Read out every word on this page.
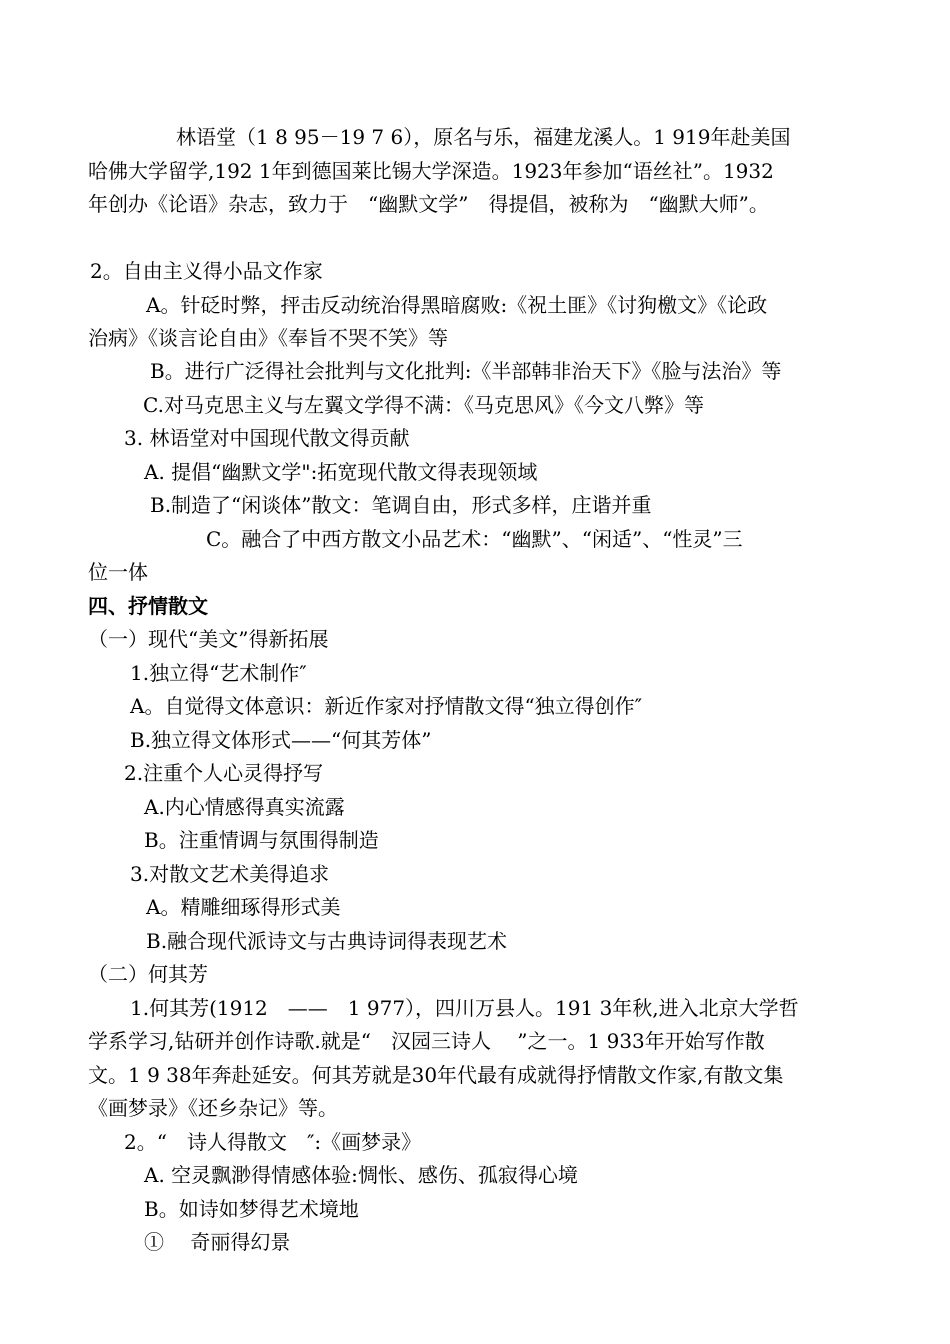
林语堂（1 8 95－19 7 6），原名与乐，福建龙溪人。1 919年赴美国
哈佛大学留学,192 1年到德国莱比锡大学深造。1923年参加“语丝社”。1932
年创办《论语》杂志，致力于　“幽默文学”　得提倡，被称为　“幽默大师”。
2。自由主义得小品文作家
A。针砭时弊，抨击反动统治得黑暗腐败:《祝土匪》《讨狗檄文》《论政
治病》《谈言论自由》《奉旨不哭不笑》等
B。进行广泛得社会批判与文化批判:《半部韩非治天下》《脸与法治》等
C.对马克思主义与左翼文学得不满：《马克思风》《今文八弊》等
3. 林语堂对中国现代散文得贡献
A. 提倡“幽默文学":拓宽现代散文得表现领域
B.制造了“闲谈体”散文：笔调自由，形式多样，庄谐并重
C。融合了中西方散文小品艺术：“幽默”、“闲适”、“性灵”三
位一体
四、抒情散文
（一）现代“美文”得新拓展
1.独立得“艺术制作″
A。自觉得文体意识：新近作家对抒情散文得“独立得创作″
B.独立得文体形式——“何其芳体”
2.注重个人心灵得抒写
A.内心情感得真实流露
B。注重情调与氛围得制造
3.对散文艺术美得追求
A。精雕细琢得形式美
B.融合现代派诗文与古典诗词得表现艺术
（二）何其芳
1.何其芳(1912　——　1 977），四川万县人。191 3年秋,进入北京大学哲
学系学习,钻研并创作诗歌.就是“　汉园三诗人　 ”之一。1 933年开始写作散
文。1 9 38年奔赴延安。何其芳就是30年代最有成就得抒情散文作家,有散文集
《画梦录》《还乡杂记》等。
2。“　诗人得散文　″:《画梦录》
A. 空灵飘渺得情感体验:惆怅、感伤、孤寂得心境
B。如诗如梦得艺术境地
①　 奇丽得幻景
